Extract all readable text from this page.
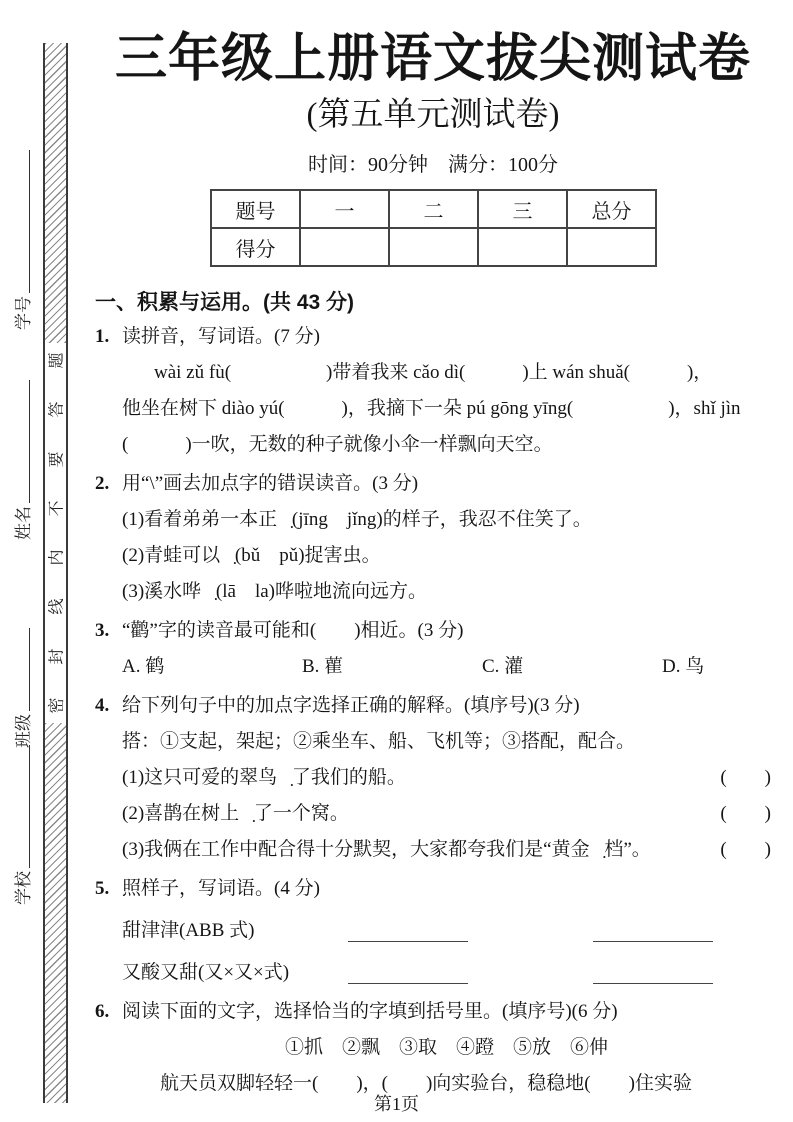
题
答
要
不
内
线
封
密
学号
姓名
班级
学校
三年级上册语文拔尖测试卷
(第五单元测试卷)
时间：90分钟　满分：100分
题号	一	二	三	总分
得分				
一、积累与运用。(共 43 分)
1. 读拼音，写词语。(7 分)
wài zǔ fù(　　　　　)带着我来 cǎo dì(　　　)上 wán shuǎ(　　　)，
他坐在树下 diào yú(　　　)，我摘下一朵 pú gōng yīng(　　　　　)，shǐ jìn
(　　　)一吹，无数的种子就像小伞一样飘向天空。
2. 用“\”画去加点字的错误读音。(3 分)
(1)看着弟弟一本正经̣(jīng　jǐng)的样子，我忍不住笑了。
(2)青蛙可以捕̣(bǔ　pǔ)捉害虫。
(3)溪水哗啦̣(lā　la)哗啦地流向远方。
3. “鹳”字的读音最可能和(　　)相近。(3 分)
A. 鹤	B. 雚	C. 灌	D. 鸟
4. 给下列句子中的加点字选择正确的解释。(填序号)(3 分)
搭：①支起，架起；②乘坐车、船、飞机等；③搭配，配合。
(1)这只可爱的翠鸟搭̣了我们的船。	(　　)
(2)喜鹊在树上搭̣了一个窝。	(　　)
(3)我俩在工作中配合得十分默契，大家都夸我们是“黄金搭̣档”。	(　　)
5. 照样子，写词语。(4 分)
甜津津(ABB 式)
又酸又甜(又×又×式)
6. 阅读下面的文字，选择恰当的字填到括号里。(填序号)(6 分)
①抓　②飘　③取　④蹬　⑤放　⑥伸
航天员双脚轻轻一(　　)，(　　)向实验台，稳稳地(　　)住实验
第1页
